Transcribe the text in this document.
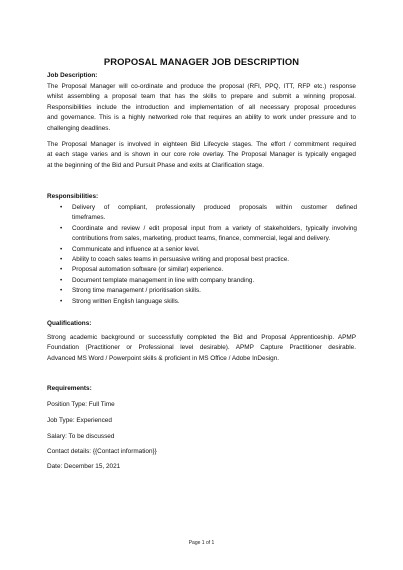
PROPOSAL MANAGER JOB DESCRIPTION
Job Description:
The Proposal Manager will co-ordinate and produce the proposal (RFI, PPQ, ITT, RFP etc.) response
whilst assembling a proposal team that has the skills to prepare and submit a winning proposal.
Responsibilities include the introduction and implementation of all necessary proposal procedures
and governance. This is a highly networked role that requires an ability to work under pressure and to
challenging deadlines.
The Proposal Manager is involved in eighteen Bid Lifecycle stages. The effort / commitment required
at each stage varies and is shown in our core role overlay. The Proposal Manager is typically engaged
at the beginning of the Bid and Pursuit Phase and exits at Clarification stage.
Responsibilities:
• Delivery of compliant, professionally produced proposals within customer defined
timeframes.
• Coordinate and review / edit proposal input from a variety of stakeholders, typically involving
contributions from sales, marketing, product teams, finance, commercial, legal and delivery.
• Communicate and influence at a senior level.
• Ability to coach sales teams in persuasive writing and proposal best practice.
• Proposal automation software (or similar) experience.
• Document template management in line with company branding.
• Strong time management / prioritisation skills.
• Strong written English language skills.
Qualifications:
Strong academic background or successfully completed the Bid and Proposal Apprenticeship. APMP
Foundation (Practitioner or Professional level desirable). APMP Capture Practitioner desirable.
Advanced MS Word / Powerpoint skills & proficient in MS Office / Adobe InDesign.
Requirements:
Position Type: Full Time
Job Type: Experienced
Salary: To be discussed
Contact details: {{Contact information}}
Date: December 15, 2021
Page 1 of 1
